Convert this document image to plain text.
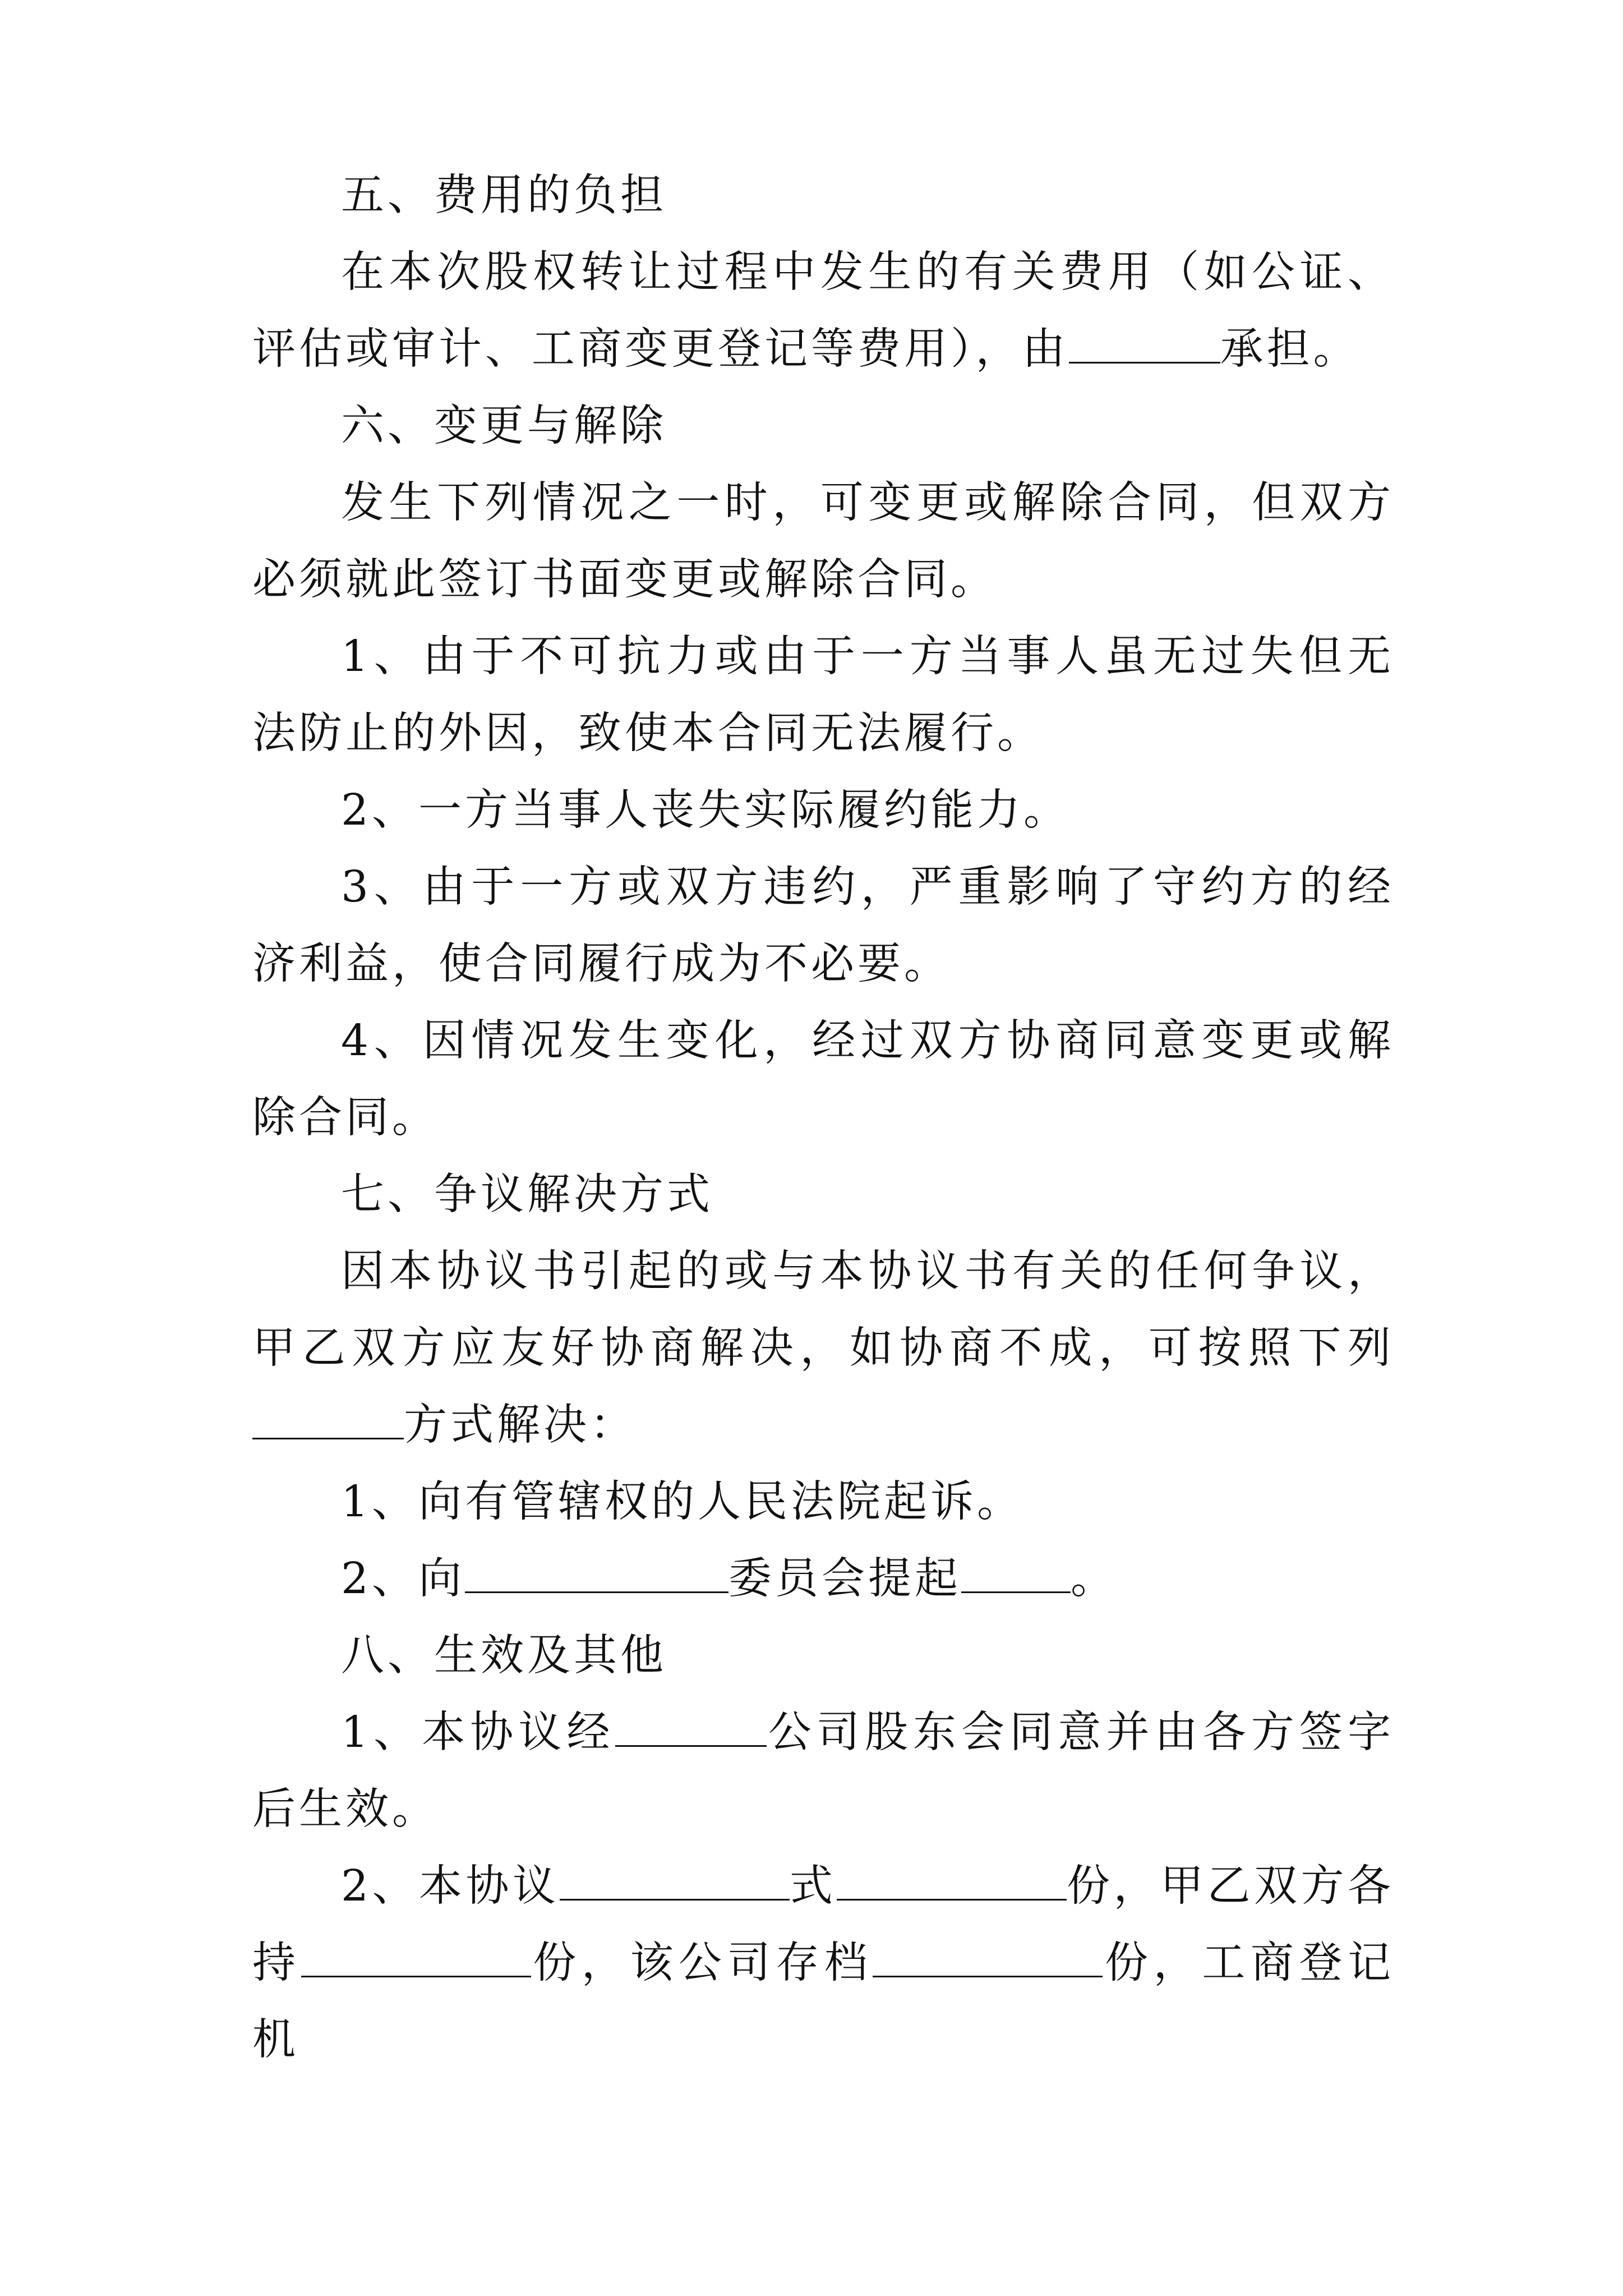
五、费用的负担

在本次股权转让过程中发生的有关费用（如公证、评估或审计、工商变更登记等费用），由	承担。

六、变更与解除

发生下列情况之一时，可变更或解除合同，但双方必须就此签订书面变更或解除合同。

1、由于不可抗力或由于一方当事人虽无过失但无法防止的外因，致使本合同无法履行。

2、一方当事人丧失实际履约能力。

3、由于一方或双方违约，严重影响了守约方的经济利益，使合同履行成为不必要。

4、因情况发生变化，经过双方协商同意变更或解除合同。

七、争议解决方式

因本协议书引起的或与本协议书有关的任何争议，甲乙双方应友好协商解决，如协商不成，可按照下列方式解决：

1、向有管辖权的人民法院起诉。

2、向	委员会提起	。

八、生效及其他

1、本协议经	公司股东会同意并由各方签字后生效。

2、本协议	式	份，甲乙双方各持	份，该公司存档	份，工商登记机
